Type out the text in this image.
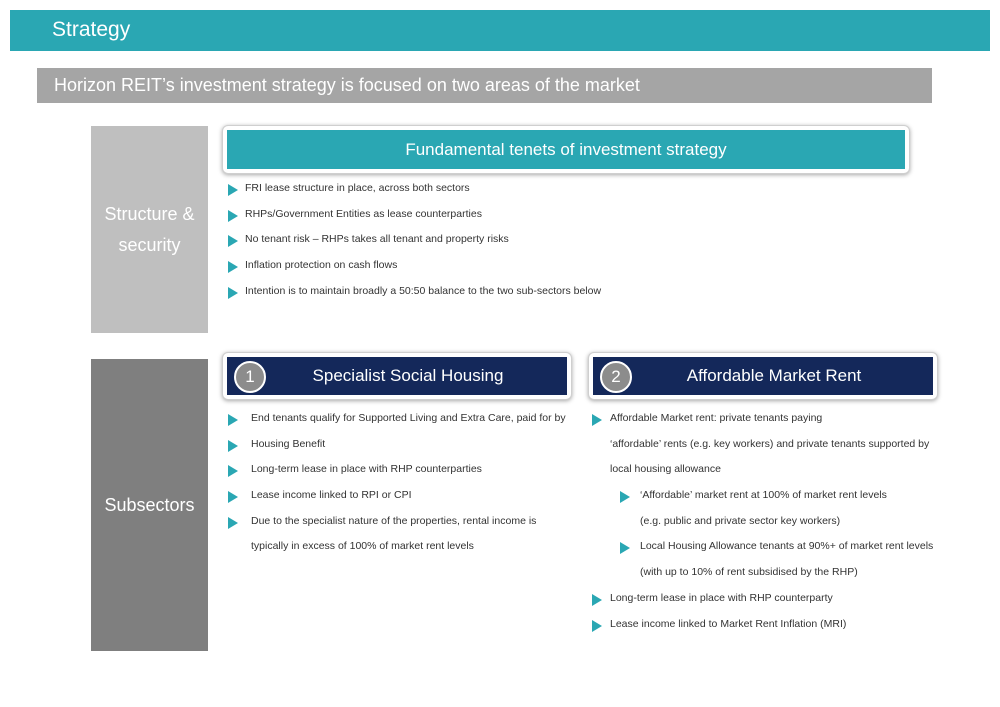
Strategy
Horizon REIT’s investment strategy is focused on two areas of the market
Structure &
security
Subsectors
Fundamental tenets of investment strategy
FRI lease structure in place, across both sectors
RHPs/Government Entities as lease counterparties
No tenant risk – RHPs takes all tenant and property risks
Inflation protection on cash flows
Intention is to maintain broadly a 50:50 balance to the two sub-sectors below
1	Specialist Social Housing	2	Affordable Market Rent
End tenants qualify for Supported Living and Extra Care, paid for by
Housing Benefit
Long-term lease in place with RHP counterparties
Lease income linked to RPI or CPI
Due to the specialist nature of the properties, rental income is
typically in excess of 100% of market rent levels
Affordable Market rent: private tenants paying
‘affordable’ rents (e.g. key workers) and private tenants supported by
local housing allowance
‘Affordable’ market rent at 100% of market rent levels
(e.g. public and private sector key workers)
Local Housing Allowance tenants at 90%+ of market rent levels
(with up to 10% of rent subsidised by the RHP)
Long-term lease in place with RHP counterparty
Lease income linked to Market Rent Inflation (MRI)
